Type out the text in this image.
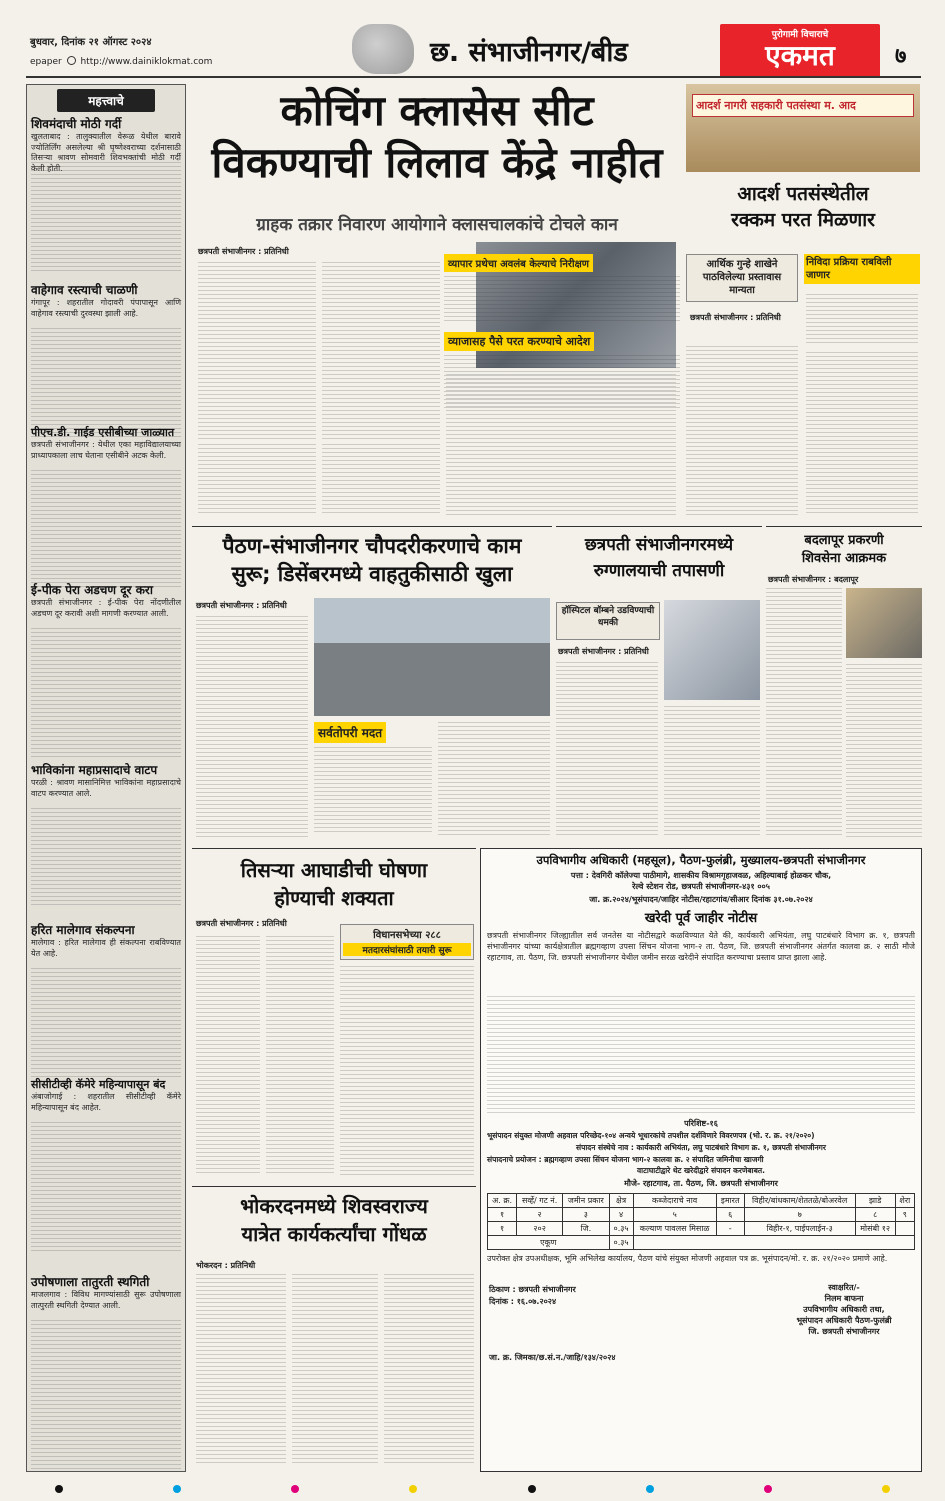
बुधवार, दिनांक २१ ऑगस्ट २०२४
epaper http://www.dainiklokmat.com	छ. संभाजीनगर/बीड
पुरोगामी विचाराचे
एकमत	७
महत्त्वाचे
शिवमंदाची मोठी गर्दी
खुलताबाद : तालुक्यातील वेरूळ येथील बारावे ज्योतिर्लिंग असलेल्या श्री घृष्णेश्वराच्या दर्शनासाठी तिसऱ्या श्रावण सोमवारी शिवभक्तांची मोठी गर्दी केली होती.
वाहेगाव रस्त्याची चाळणी
गंगापूर : शहरातील गोदावरी पंपापासून आणि वाहेगाव रस्त्याची दुरवस्था झाली आहे.
पीएच.डी. गाईड एसीबीच्या जाळ्यात
छत्रपती संभाजीनगर : येथील एका महाविद्यालयाच्या प्राध्यापकाला लाच घेताना एसीबीने अटक केली.
ई-पीक पेरा अडचण दूर करा
छत्रपती संभाजीनगर : ई-पीक पेरा नोंदणीतील अडचण दूर करावी अशी मागणी करण्यात आली.
भाविकांना महाप्रसादाचे वाटप
परळी : श्रावण मासानिमित्त भाविकांना महाप्रसादाचे वाटप करण्यात आले.
हरित मालेगाव संकल्पना
मालेगाव : हरित मालेगाव ही संकल्पना राबविण्यात येत आहे.
सीसीटीव्ही कॅमेरे महिन्यापासून बंद
अंबाजोगाई : शहरातील सीसीटीव्ही कॅमेरे महिन्यापासून बंद आहेत.
उपोषणाला तातुरती स्थगिती
माजलगाव : विविध मागण्यांसाठी सुरू उपोषणाला तात्पुरती स्थगिती देण्यात आली.
कोचिंग क्लासेस सीट
विकण्याची लिलाव केंद्रे नाहीत
ग्राहक तक्रार निवारण आयोगाने क्लासचालकांचे टोचले कान
छत्रपती संभाजीनगर : प्रतिनिधी
व्यापार प्रथेचा अवलंब केल्याचे निरीक्षण
व्याजासह पैसे परत करण्याचे आदेश
आदर्श नागरी सहकारी पतसंस्था म. आद
आदर्श पतसंस्थेतील
रक्कम परत मिळणार
आर्थिक गुन्हे शाखेने पाठविलेल्या प्रस्तावास मान्यता
निविदा प्रक्रिया राबविली जाणार
छत्रपती संभाजीनगर : प्रतिनिधी
पैठण-संभाजीनगर चौपदरीकरणाचे काम
सुरू; डिसेंबरमध्ये वाहतुकीसाठी खुला
छत्रपती संभाजीनगर : प्रतिनिधी
सर्वतोपरी मदत
छत्रपती संभाजीनगरमध्ये
रुग्णालयाची तपासणी
हॉस्पिटल बॉम्बने उडविण्याची धमकी
छत्रपती संभाजीनगर : प्रतिनिधी
बदलापूर प्रकरणी
शिवसेना आक्रमक
छत्रपती संभाजीनगर : बदलापूर
तिसऱ्या आघाडीची घोषणा
होण्याची शक्यता
छत्रपती संभाजीनगर : प्रतिनिधी
विधानसभेच्या २८८
मतदारसंघांसाठी तयारी सुरू
भोकरदनमध्ये शिवस्वराज्य
यात्रेत कार्यकर्त्यांचा गोंधळ
भोकरदन : प्रतिनिधी
उपविभागीय अधिकारी (महसूल), पैठण-फुलंब्री, मुख्यालय-छत्रपती संभाजीनगर
पत्ता : देवगिरी कॉलेज्या पाठीमागे, शासकीय विश्रामगृहाजवळ, अहिल्याबाई होळकर चौक,
रेल्वे स्टेशन रोड, छत्रपती संभाजीनगर-४३१ ००५
जा. क्र.२०२४/भूसंपादन/जाहिर नोटीस/रहाटगांव/सीआर दिनांक ३१.०७.२०२४
खरेदी पूर्व जाहीर नोटीस
छत्रपती संभाजीनगर जिल्ह्यातील सर्व जनतेस या नोटीसद्वारे कळविण्यात येते की, कार्यकारी अभियंता, लघु पाटबंधारे विभाग क्र. १, छत्रपती संभाजीनगर यांच्या कार्यक्षेत्रातील ब्रह्मगव्हाण उपसा सिंचन योजना भाग-२ ता. पैठण, जि. छत्रपती संभाजीनगर अंतर्गत कालवा क्र. २ साठी मौजे रहाटगाव, ता. पैठण, जि. छत्रपती संभाजीनगर येथील जमीन सरळ खरेदीने संपादित करण्याचा प्रस्ताव प्राप्त झाला आहे.
परिशिष्ट-१६
भूसंपादन संयुक्त मोजणी अहवाल परिच्छेद-१०४ अन्वये भूधारकांचे तपशील दर्शविणारे विवरणपत्र (भो. र. क्र. २१/२०२०)
संपादन संस्थेचे नाव : कार्यकारी अभियंता, लघु पाटबंधारे विभाग क्र. १, छत्रपती संभाजीनगर
संपादनाचे प्रयोजन : ब्रह्मगव्हाण उपसा सिंचन योजना भाग-२ कालवा क्र. २ संपादित जमिनीचा खाजगी
वाटाघाटीद्वारे थेट खरेदीद्वारे संपादन करणेबाबत.
मौजे- रहाटगाव, ता. पैठण, जि. छत्रपती संभाजीनगर
अ. क्र.	सर्व्हे/ गट नं.	जमीन प्रकार	क्षेत्र	कब्जेदाराचे नाव	इमारत	विहीर/बांधकाम/शेततळे/बोअरवेल	झाडे	शेरा
१	२	३	४	५	६	७	८	९
१	२०२	जि.	०.३५	कल्याण पावलस मिसाळ	-	विहीर-१, पाईपलाईन-३	मोसंबी १२	
एकूण			०.३५					
उपरोक्त क्षेत्र उपअधीक्षक, भूमि अभिलेख कार्यालय, पैठण यांचे संयुक्त मोजणी अहवाल पत्र क्र. भूसंपादन/मो. र. क्र. २१/२०२० प्रमाणे आहे.
ठिकाण : छत्रपती संभाजीनगर
दिनांक : १६.०७.२०२४
स्वाक्षरित/-
निलम बाफना
उपविभागीय अधिकारी तथा,
भूसंपादन अधिकारी पैठण-फुलंब्री
जि. छत्रपती संभाजीनगर
जा. क्र. जिमका/छ.सं.न./जाहि/१३४/२०२४
